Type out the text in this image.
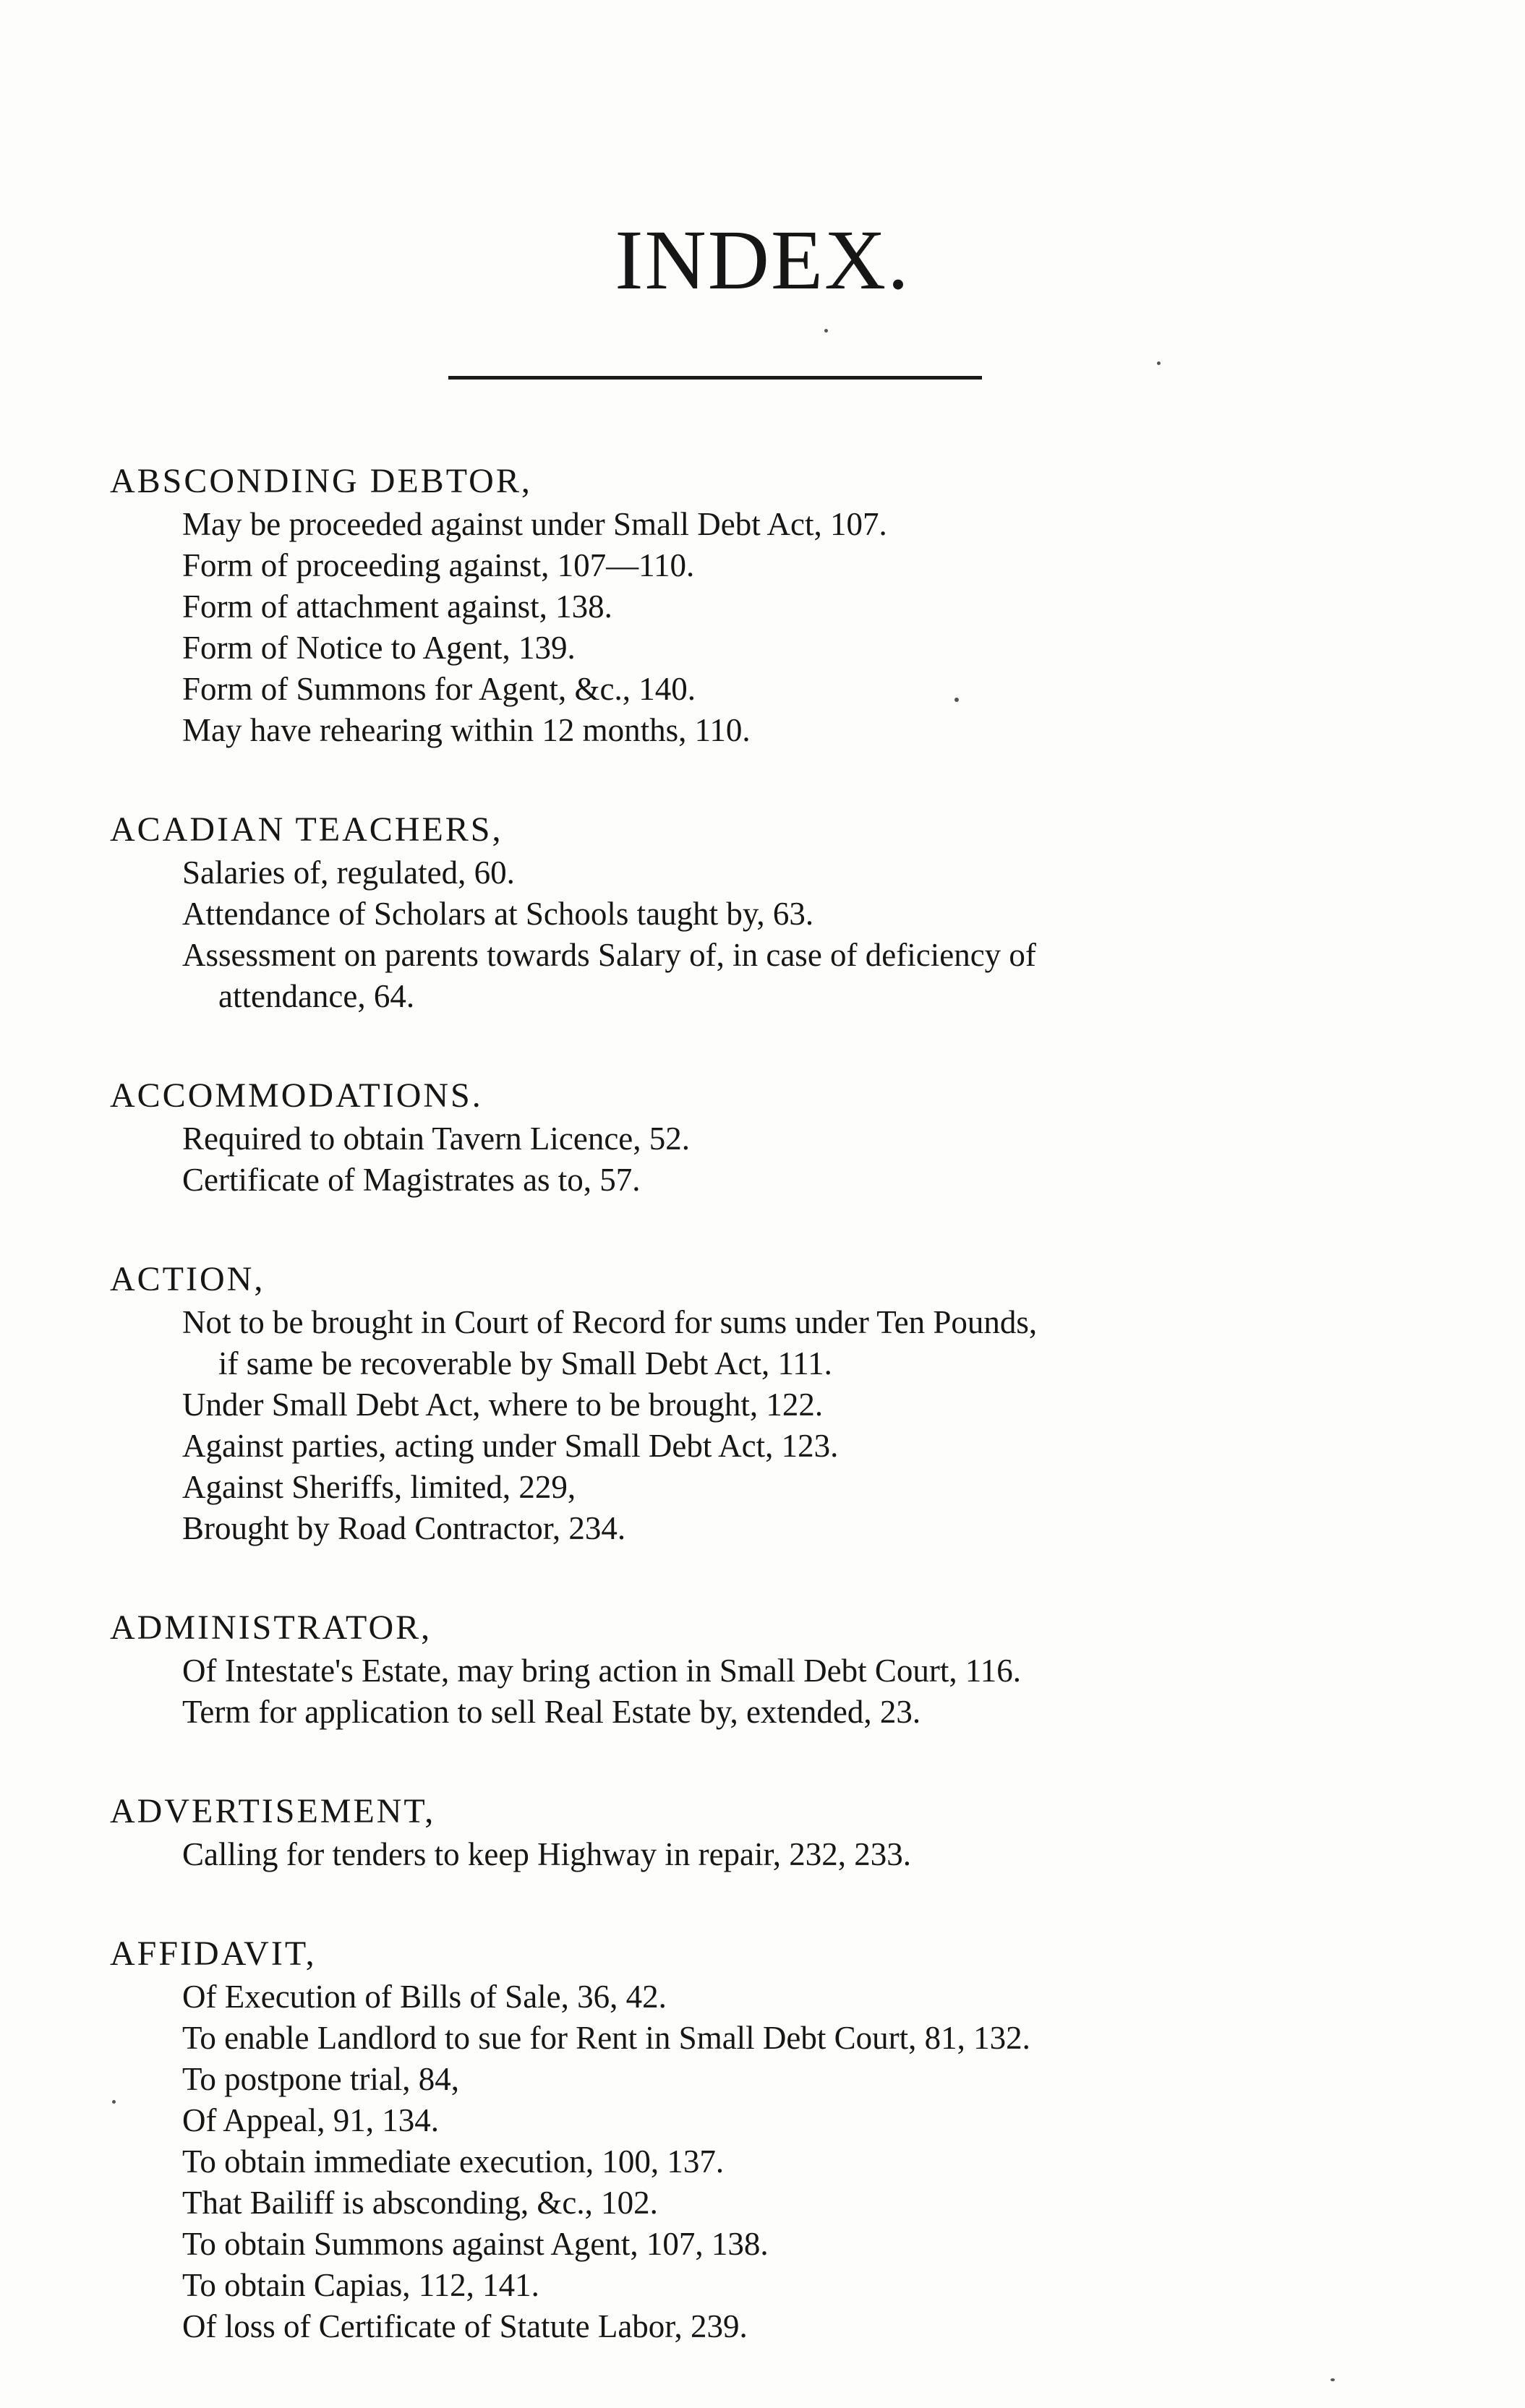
INDEX.
ABSCONDING DEBTOR,
May be proceeded against under Small Debt Act, 107.
Form of proceeding against, 107—110.
Form of attachment against, 138.
Form of Notice to Agent, 139.
Form of Summons for Agent, &c., 140.
May have rehearing within 12 months, 110.
ACADIAN TEACHERS,
Salaries of, regulated, 60.
Attendance of Scholars at Schools taught by, 63.
Assessment on parents towards Salary of, in case of deficiency of
attendance, 64.
ACCOMMODATIONS.
Required to obtain Tavern Licence, 52.
Certificate of Magistrates as to, 57.
ACTION,
Not to be brought in Court of Record for sums under Ten Pounds,
if same be recoverable by Small Debt Act, 111.
Under Small Debt Act, where to be brought, 122.
Against parties, acting under Small Debt Act, 123.
Against Sheriffs, limited, 229,
Brought by Road Contractor, 234.
ADMINISTRATOR,
Of Intestate's Estate, may bring action in Small Debt Court, 116.
Term for application to sell Real Estate by, extended, 23.
ADVERTISEMENT,
Calling for tenders to keep Highway in repair, 232, 233.
AFFIDAVIT,
Of Execution of Bills of Sale, 36, 42.
To enable Landlord to sue for Rent in Small Debt Court, 81, 132.
To postpone trial, 84,
Of Appeal, 91, 134.
To obtain immediate execution, 100, 137.
That Bailiff is absconding, &c., 102.
To obtain Summons against Agent, 107, 138.
To obtain Capias, 112, 141.
Of loss of Certificate of Statute Labor, 239.
